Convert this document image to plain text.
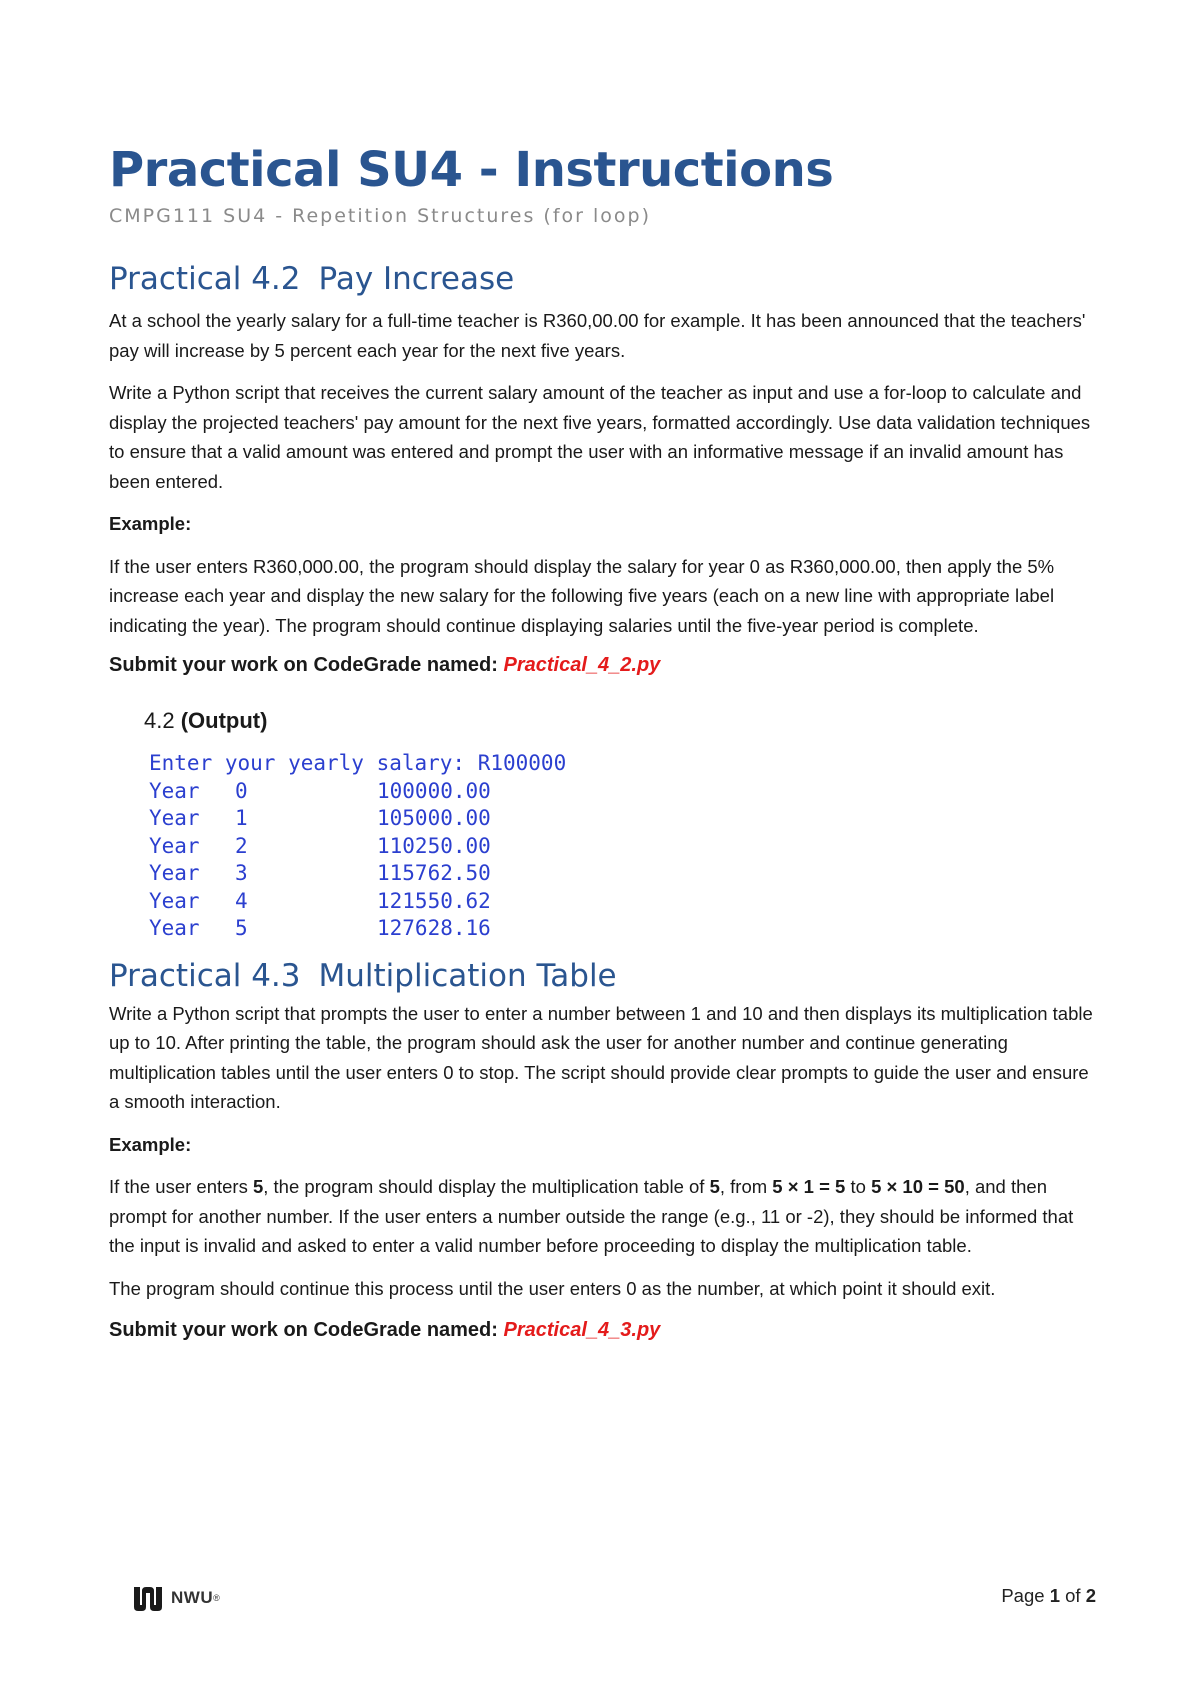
Practical SU4 - Instructions
CMPG111 SU4 - Repetition Structures (for loop)
Practical 4.2 Pay Increase

At a school the yearly salary for a full-time teacher is R360,00.00 for example. It has been announced that the teachers' pay will increase by 5 percent each year for the next five years.

Write a Python script that receives the current salary amount of the teacher as input and use a for-loop to calculate and display the projected teachers' pay amount for the next five years, formatted accordingly. Use data validation techniques to ensure that a valid amount was entered and prompt the user with an informative message if an invalid amount has been entered.

Example:

If the user enters R360,000.00, the program should display the salary for year 0 as R360,000.00, then apply the 5% increase each year and display the new salary for the following five years (each on a new line with appropriate label indicating the year). The program should continue displaying salaries until the five-year period is complete.

Submit your work on CodeGrade named: Practical_4_2.py

4.2 (Output)

Enter your yearly salary: R100000
Year	0	100000.00
Year	1	105000.00
Year	2	110250.00
Year	3	115762.50
Year	4	121550.62
Year	5	127628.16
Practical 4.3 Multiplication Table

Write a Python script that prompts the user to enter a number between 1 and 10 and then displays its multiplication table up to 10. After printing the table, the program should ask the user for another number and continue generating multiplication tables until the user enters 0 to stop. The script should provide clear prompts to guide the user and ensure a smooth interaction.

Example:

If the user enters 5, the program should display the multiplication table of 5, from 5 × 1 = 5 to 5 × 10 = 50, and then prompt for another number. If the user enters a number outside the range (e.g., 11 or -2), they should be informed that the input is invalid and asked to enter a valid number before proceeding to display the multiplication table.

The program should continue this process until the user enters 0 as the number, at which point it should exit.

Submit your work on CodeGrade named: Practical_4_3.py

NWU ®	Page 1 of 2
